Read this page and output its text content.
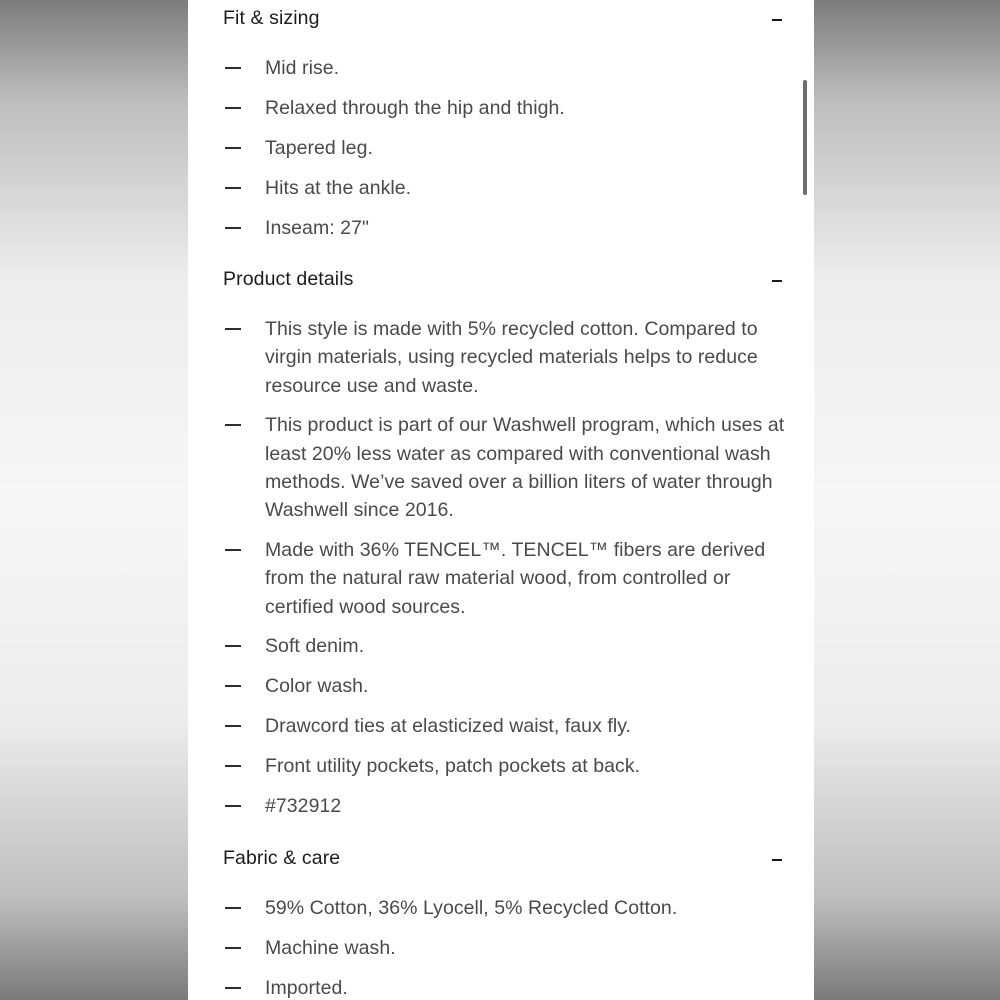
Fit & sizing
Mid rise.
Relaxed through the hip and thigh.
Tapered leg.
Hits at the ankle.
Inseam: 27"
Product details
This style is made with 5% recycled cotton. Compared to virgin materials, using recycled materials helps to reduce resource use and waste.
This product is part of our Washwell program, which uses at least 20% less water as compared with conventional wash methods. We’ve saved over a billion liters of water through Washwell since 2016.
Made with 36% TENCEL™. TENCEL™ fibers are derived from the natural raw material wood, from controlled or certified wood sources.
Soft denim.
Color wash.
Drawcord ties at elasticized waist, faux fly.
Front utility pockets, patch pockets at back.
#732912
Fabric & care
59% Cotton, 36% Lyocell, 5% Recycled Cotton.
Machine wash.
Imported.
